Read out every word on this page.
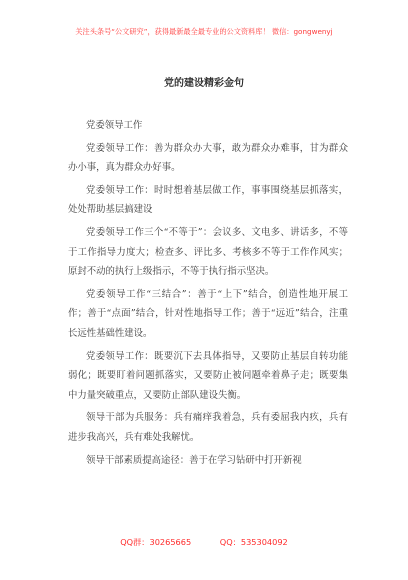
关注头条号“公文研究”，获得最新最全最专业的公文资料库！ 微信：gongwenyj
党的建设精彩金句

党委领导工作

党委领导工作：善为群众办大事，敢为群众办难事，甘为群众办小事，真为群众办好事。

党委领导工作：时时想着基层做工作，事事围绕基层抓落实，处处帮助基层搞建设

党委领导工作三个“不等于”：会议多、文电多、讲话多，不等于工作指导力度大；检查多、评比多、考核多不等于工作作风实；原封不动的执行上级指示，不等于执行指示坚决。

党委领导工作“三结合”：善于“上下”结合，创造性地开展工作；善于“点面”结合，针对性地指导工作；善于“远近”结合，注重长远性基础性建设。

党委领导工作：既要沉下去具体指导，又要防止基层自转功能弱化；既要盯着问题抓落实，又要防止被问题牵着鼻子走；既要集中力量突破重点，又要防止部队建设失衡。

领导干部为兵服务：兵有痛痒我着急，兵有委屈我内疚，兵有进步我高兴，兵有难处我解忧。

领导干部素质提高途径：善于在学习钻研中打开新视

QQ群：30265665	QQ：535304092
